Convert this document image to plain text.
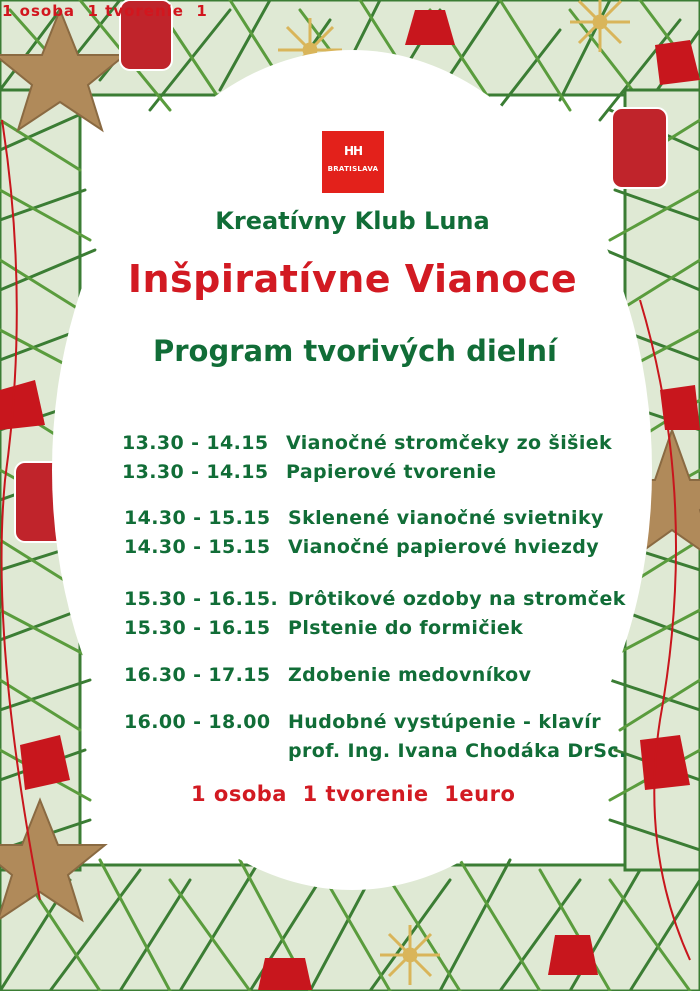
1 osoba  1 tvorenie  1

HH
BRATISLAVA
Kreatívny Klub Luna
Inšpiratívne Vianoce
Program tvorivých dielní
13.30 - 14.15 Vianočné stromčeky zo šišiek
13.30 - 14.15 Papierové tvorenie
14.30 - 15.15 Sklenené vianočné svietniky
14.30 - 15.15 Vianočné papierové hviezdy
15.30 - 16.15. Drôtikové ozdoby na stromček
15.30 - 16.15 Plstenie do formičiek
16.30 - 17.15 Zdobenie medovníkov
16.00 - 18.00 Hudobné vystúpenie - klavír
prof. Ing. Ivana Chodáka DrSc.

1 osoba  1 tvorenie  1euro
